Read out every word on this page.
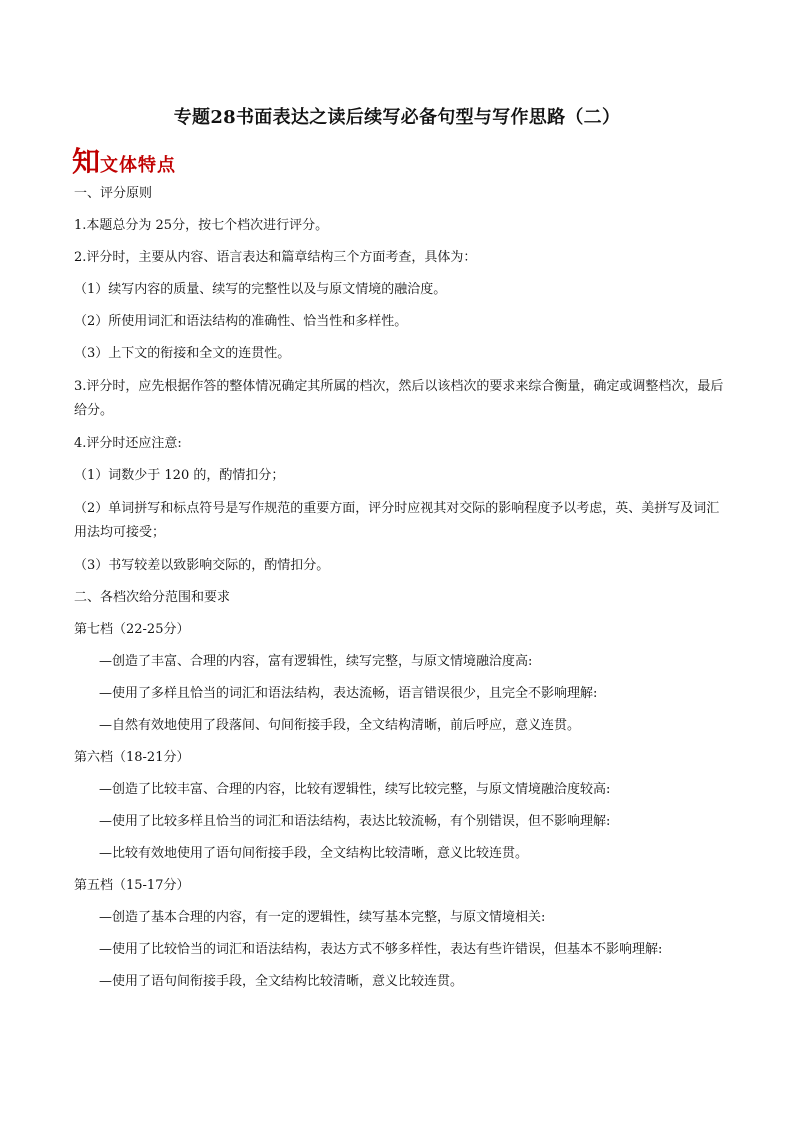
专题28书面表达之读后续写必备句型与写作思路（二）
知文体特点
一、评分原则
1.本题总分为 25分，按七个档次进行评分。
2.评分时，主要从内容、语言表达和篇章结构三个方面考查，具体为：
（1）续写内容的质量、续写的完整性以及与原文情境的融洽度。
（2）所使用词汇和语法结构的准确性、恰当性和多样性。
（3）上下文的衔接和全文的连贯性。
3.评分时，应先根据作答的整体情况确定其所属的档次，然后以该档次的要求来综合衡量，确定或调整档次，最后给分。
4.评分时还应注意:
（1）词数少于 120 的，酌情扣分；
（2）单词拼写和标点符号是写作规范的重要方面，评分时应视其对交际的影响程度予以考虑，英、美拼写及词汇用法均可接受；
（3）书写较差以致影响交际的，酌情扣分。
二、各档次给分范围和要求
第七档（22-25分）
—创造了丰富、合理的内容，富有逻辑性，续写完整，与原文情境融洽度高:
—使用了多样且恰当的词汇和语法结构，表达流畅，语言错误很少，且完全不影响理解:
—自然有效地使用了段落间、句间衔接手段，全文结构清晰，前后呼应，意义连贯。
第六档（18-21分）
—创造了比较丰富、合理的内容，比较有逻辑性，续写比较完整，与原文情境融洽度较高:
—使用了比较多样且恰当的词汇和语法结构，表达比较流畅，有个别错误，但不影响理解:
—比较有效地使用了语句间衔接手段，全文结构比较清晰，意义比较连贯。
第五档（15-17分）
—创造了基本合理的内容，有一定的逻辑性，续写基本完整，与原文情境相关:
—使用了比较恰当的词汇和语法结构，表达方式不够多样性，表达有些许错误，但基本不影响理解:
—使用了语句间衔接手段，全文结构比较清晰，意义比较连贯。
